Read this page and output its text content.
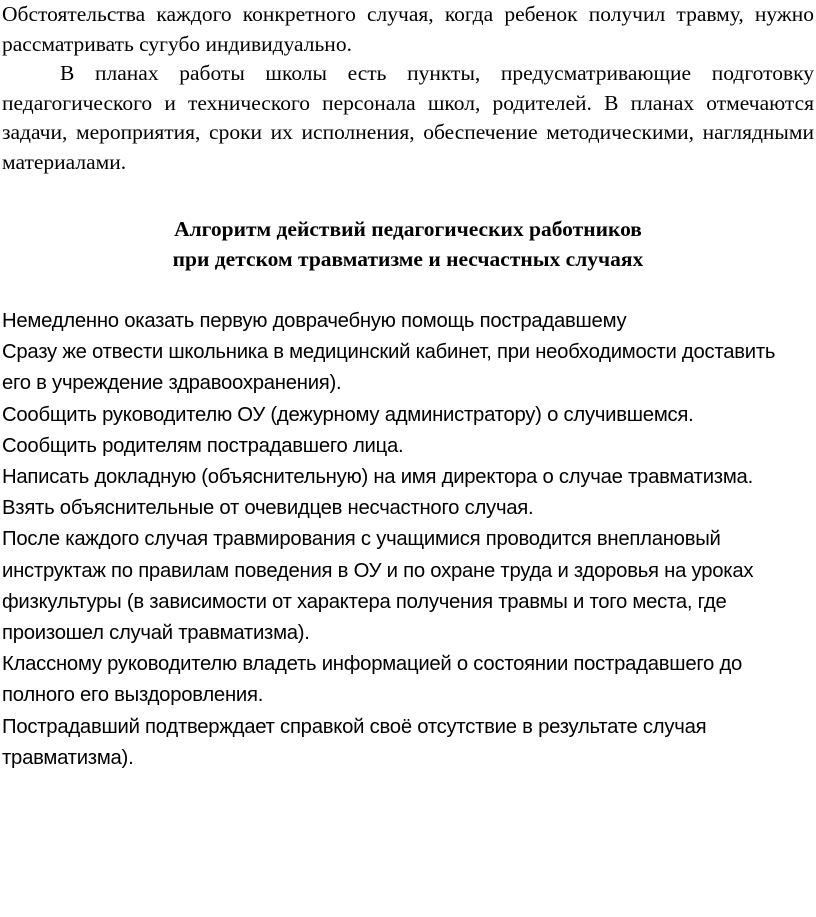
Обстоятельства каждого конкретного случая, когда ребенок получил травму, нужно рассматривать сугубо индивидуально.

В планах работы школы есть пункты, предусматривающие подготовку педагогического и технического персонала школ, родителей. В планах отмечаются задачи, мероприятия, сроки их исполнения, обеспечение методическими, наглядными материалами.

Алгоритм действий педагогических работников
при детском травматизме и несчастных случаях
Немедленно оказать первую доврачебную помощь пострадавшему
Сразу же отвести школьника в медицинский кабинет, при необходимости доставить его в учреждение здравоохранения).
Сообщить руководителю ОУ (дежурному администратору) о случившемся.
Сообщить родителям пострадавшего лица.
Написать докладную (объяснительную) на имя директора о случае травматизма.
Взять объяснительные от очевидцев несчастного случая.
После каждого случая травмирования с учащимися проводится внеплановый инструктаж по правилам поведения в ОУ и по охране труда и здоровья на уроках физкультуры (в зависимости от характера получения травмы и того места, где произошел случай травматизма).
Классному руководителю владеть информацией о состоянии пострадавшего до полного его выздоровления.
Пострадавший подтверждает справкой своё отсутствие в результате случая травматизма).
